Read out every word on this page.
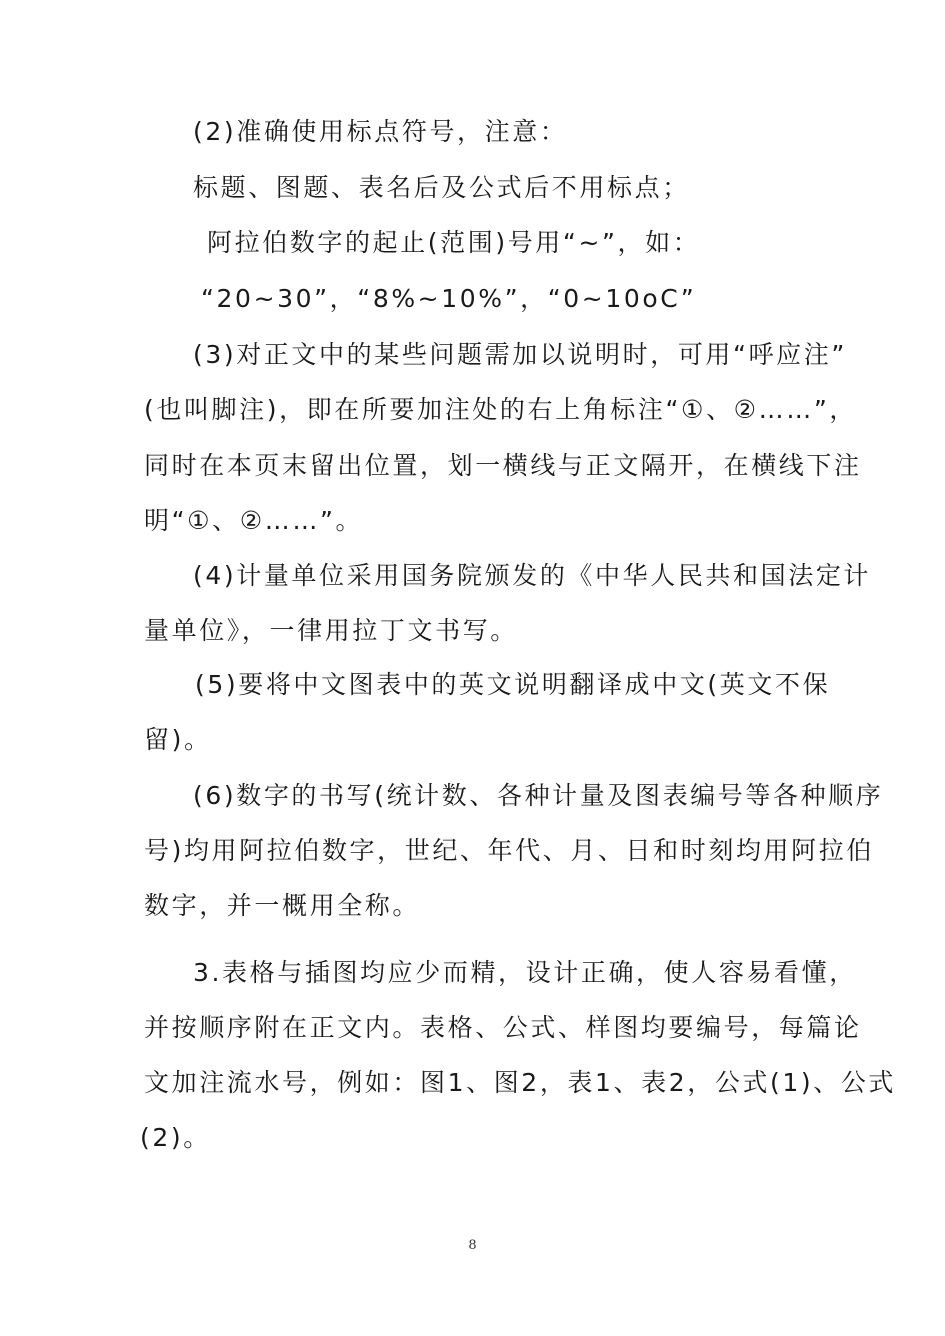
(2)准确使用标点符号，注意：
标题、图题、表名后及公式后不用标点；
阿拉伯数字的起止(范围)号用“~”，如：
“20~30”，“8%~10%”，“0~10oC”
(3)对正文中的某些问题需加以说明时，可用“呼应注”
(也叫脚注)，即在所要加注处的右上角标注“①、②……”，
同时在本页末留出位置，划一横线与正文隔开，在横线下注
明“①、②……”。
(4)计量单位采用国务院颁发的《中华人民共和国法定计
量单位》，一律用拉丁文书写。
(5)要将中文图表中的英文说明翻译成中文(英文不保
留)。
(6)数字的书写(统计数、各种计量及图表编号等各种顺序
号)均用阿拉伯数字，世纪、年代、月、日和时刻均用阿拉伯
数字，并一概用全称。
3.表格与插图均应少而精，设计正确，使人容易看懂，
并按顺序附在正文内。表格、公式、样图均要编号，每篇论
文加注流水号，例如：图1、图2，表1、表2，公式(1)、公式
(2)。
8
